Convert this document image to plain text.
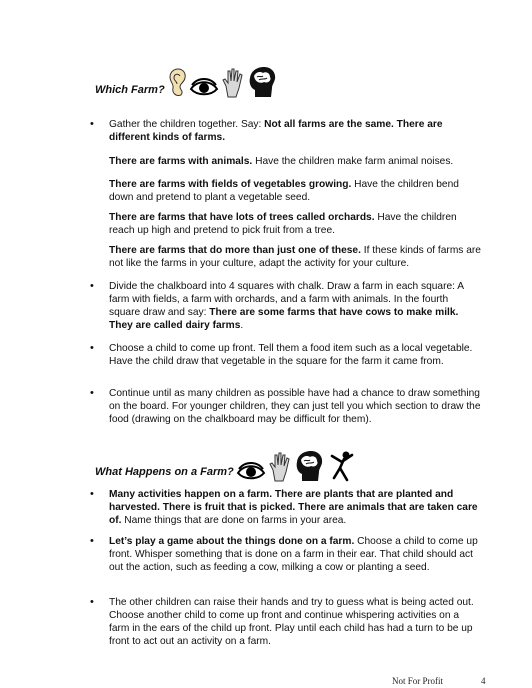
Which Farm?
• Gather the children together. Say: Not all farms are the same. There are different kinds of farms.
There are farms with animals. Have the children make farm animal noises.
There are farms with fields of vegetables growing. Have the children bend down and pretend to plant a vegetable seed.
There are farms that have lots of trees called orchards. Have the children reach up high and pretend to pick fruit from a tree.
There are farms that do more than just one of these. If these kinds of farms are not like the farms in your culture, adapt the activity for your culture.
• Divide the chalkboard into 4 squares with chalk. Draw a farm in each square: A farm with fields, a farm with orchards, and a farm with animals. In the fourth square draw and say: There are some farms that have cows to make milk. They are called dairy farms.
• Choose a child to come up front. Tell them a food item such as a local vegetable. Have the child draw that vegetable in the square for the farm it came from.
• Continue until as many children as possible have had a chance to draw something on the board. For younger children, they can just tell you which section to draw the food (drawing on the chalkboard may be difficult for them).
What Happens on a Farm?
• Many activities happen on a farm. There are plants that are planted and harvested. There is fruit that is picked. There are animals that are taken care of. Name things that are done on farms in your area.
• Let’s play a game about the things done on a farm. Choose a child to come up front. Whisper something that is done on a farm in their ear. That child should act out the action, such as feeding a cow, milking a cow or planting a seed.
• The other children can raise their hands and try to guess what is being acted out. Choose another child to come up front and continue whispering activities on a farm in the ears of the child up front. Play until each child has had a turn to be up front to act out an activity on a farm.
Not For Profit	4
